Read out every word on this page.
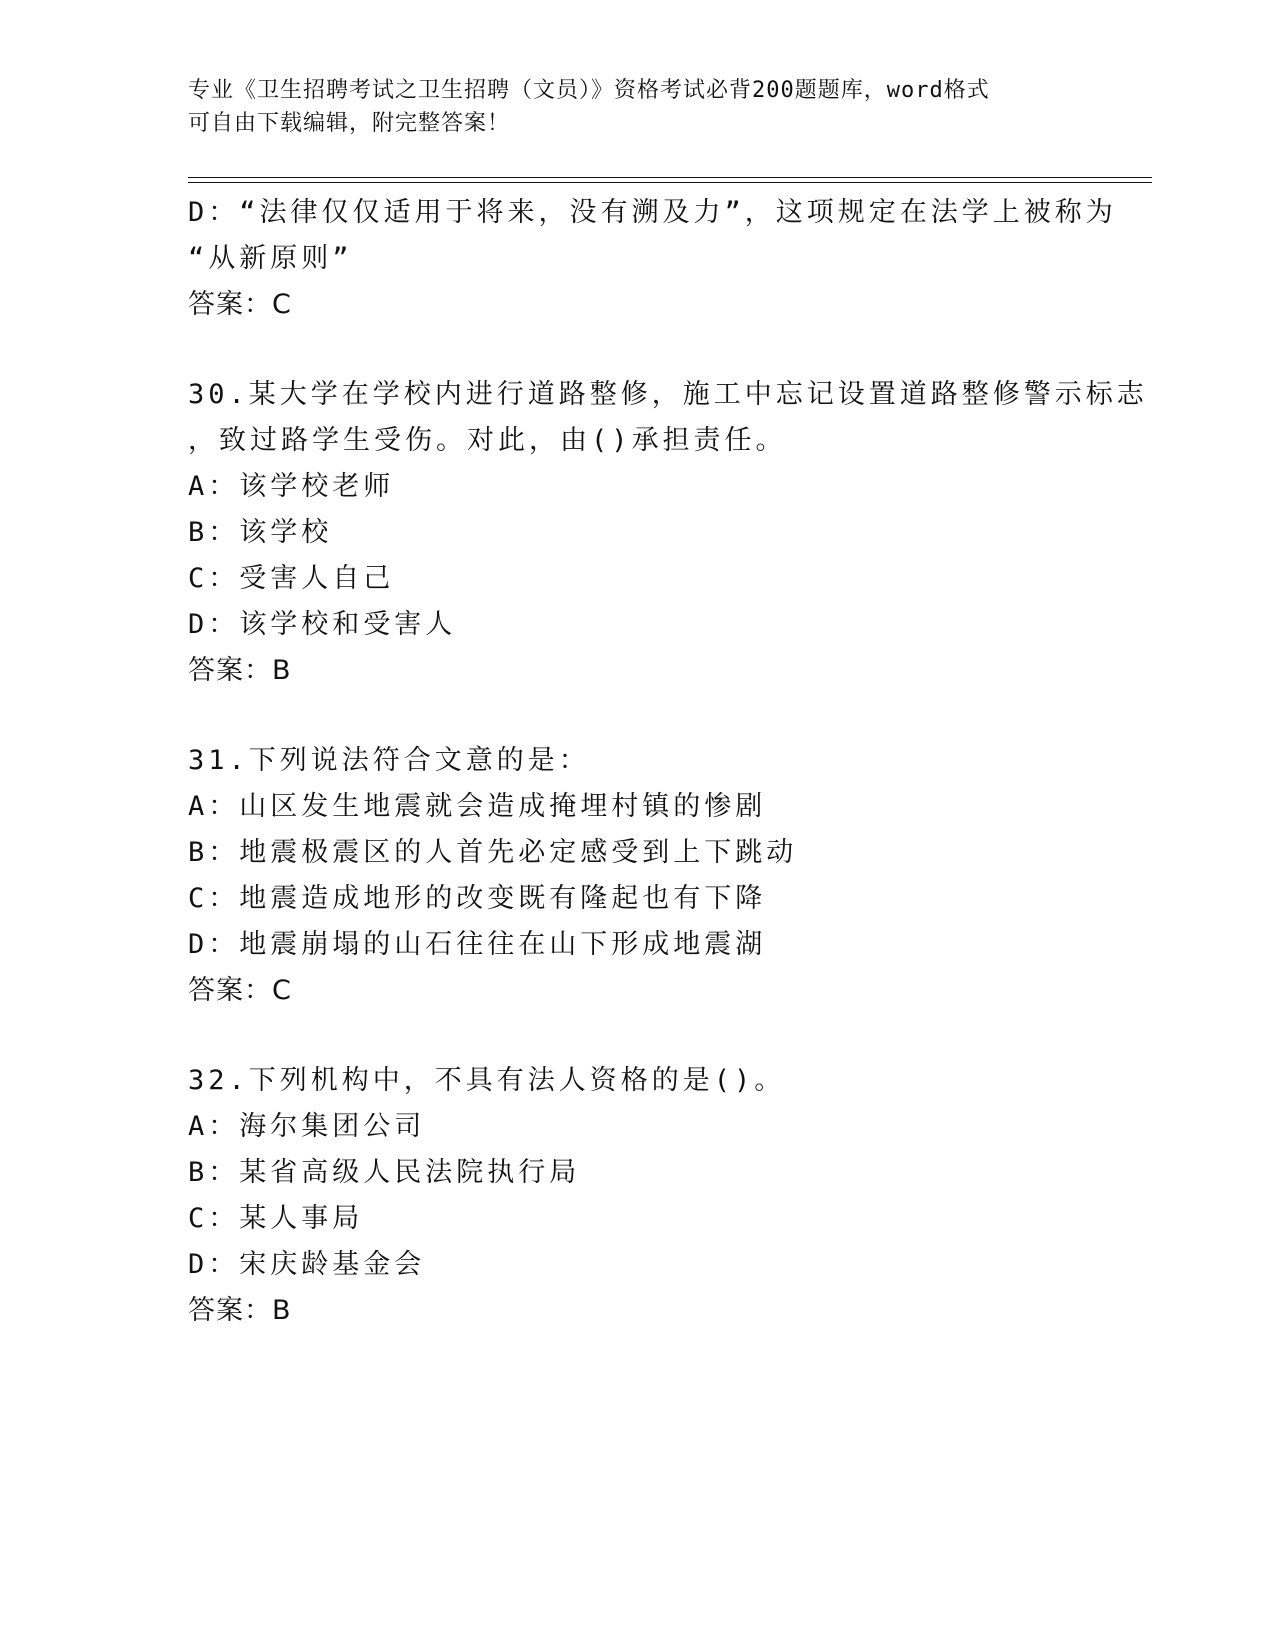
专业《卫生招聘考试之卫生招聘（文员）》资格考试必背200题题库，word格式
可自由下载编辑，附完整答案！
D：“法律仅仅适用于将来，没有溯及力”，这项规定在法学上被称为
“从新原则”
答案：C
30.某大学在学校内进行道路整修，施工中忘记设置道路整修警示标志
，致过路学生受伤。对此，由()承担责任。
A：该学校老师
B：该学校
C：受害人自己
D：该学校和受害人
答案：B
31.下列说法符合文意的是：
A：山区发生地震就会造成掩埋村镇的惨剧
B：地震极震区的人首先必定感受到上下跳动
C：地震造成地形的改变既有隆起也有下降
D：地震崩塌的山石往往在山下形成地震湖
答案：C
32.下列机构中，不具有法人资格的是()。
A：海尔集团公司
B：某省高级人民法院执行局
C：某人事局
D：宋庆龄基金会
答案：B
